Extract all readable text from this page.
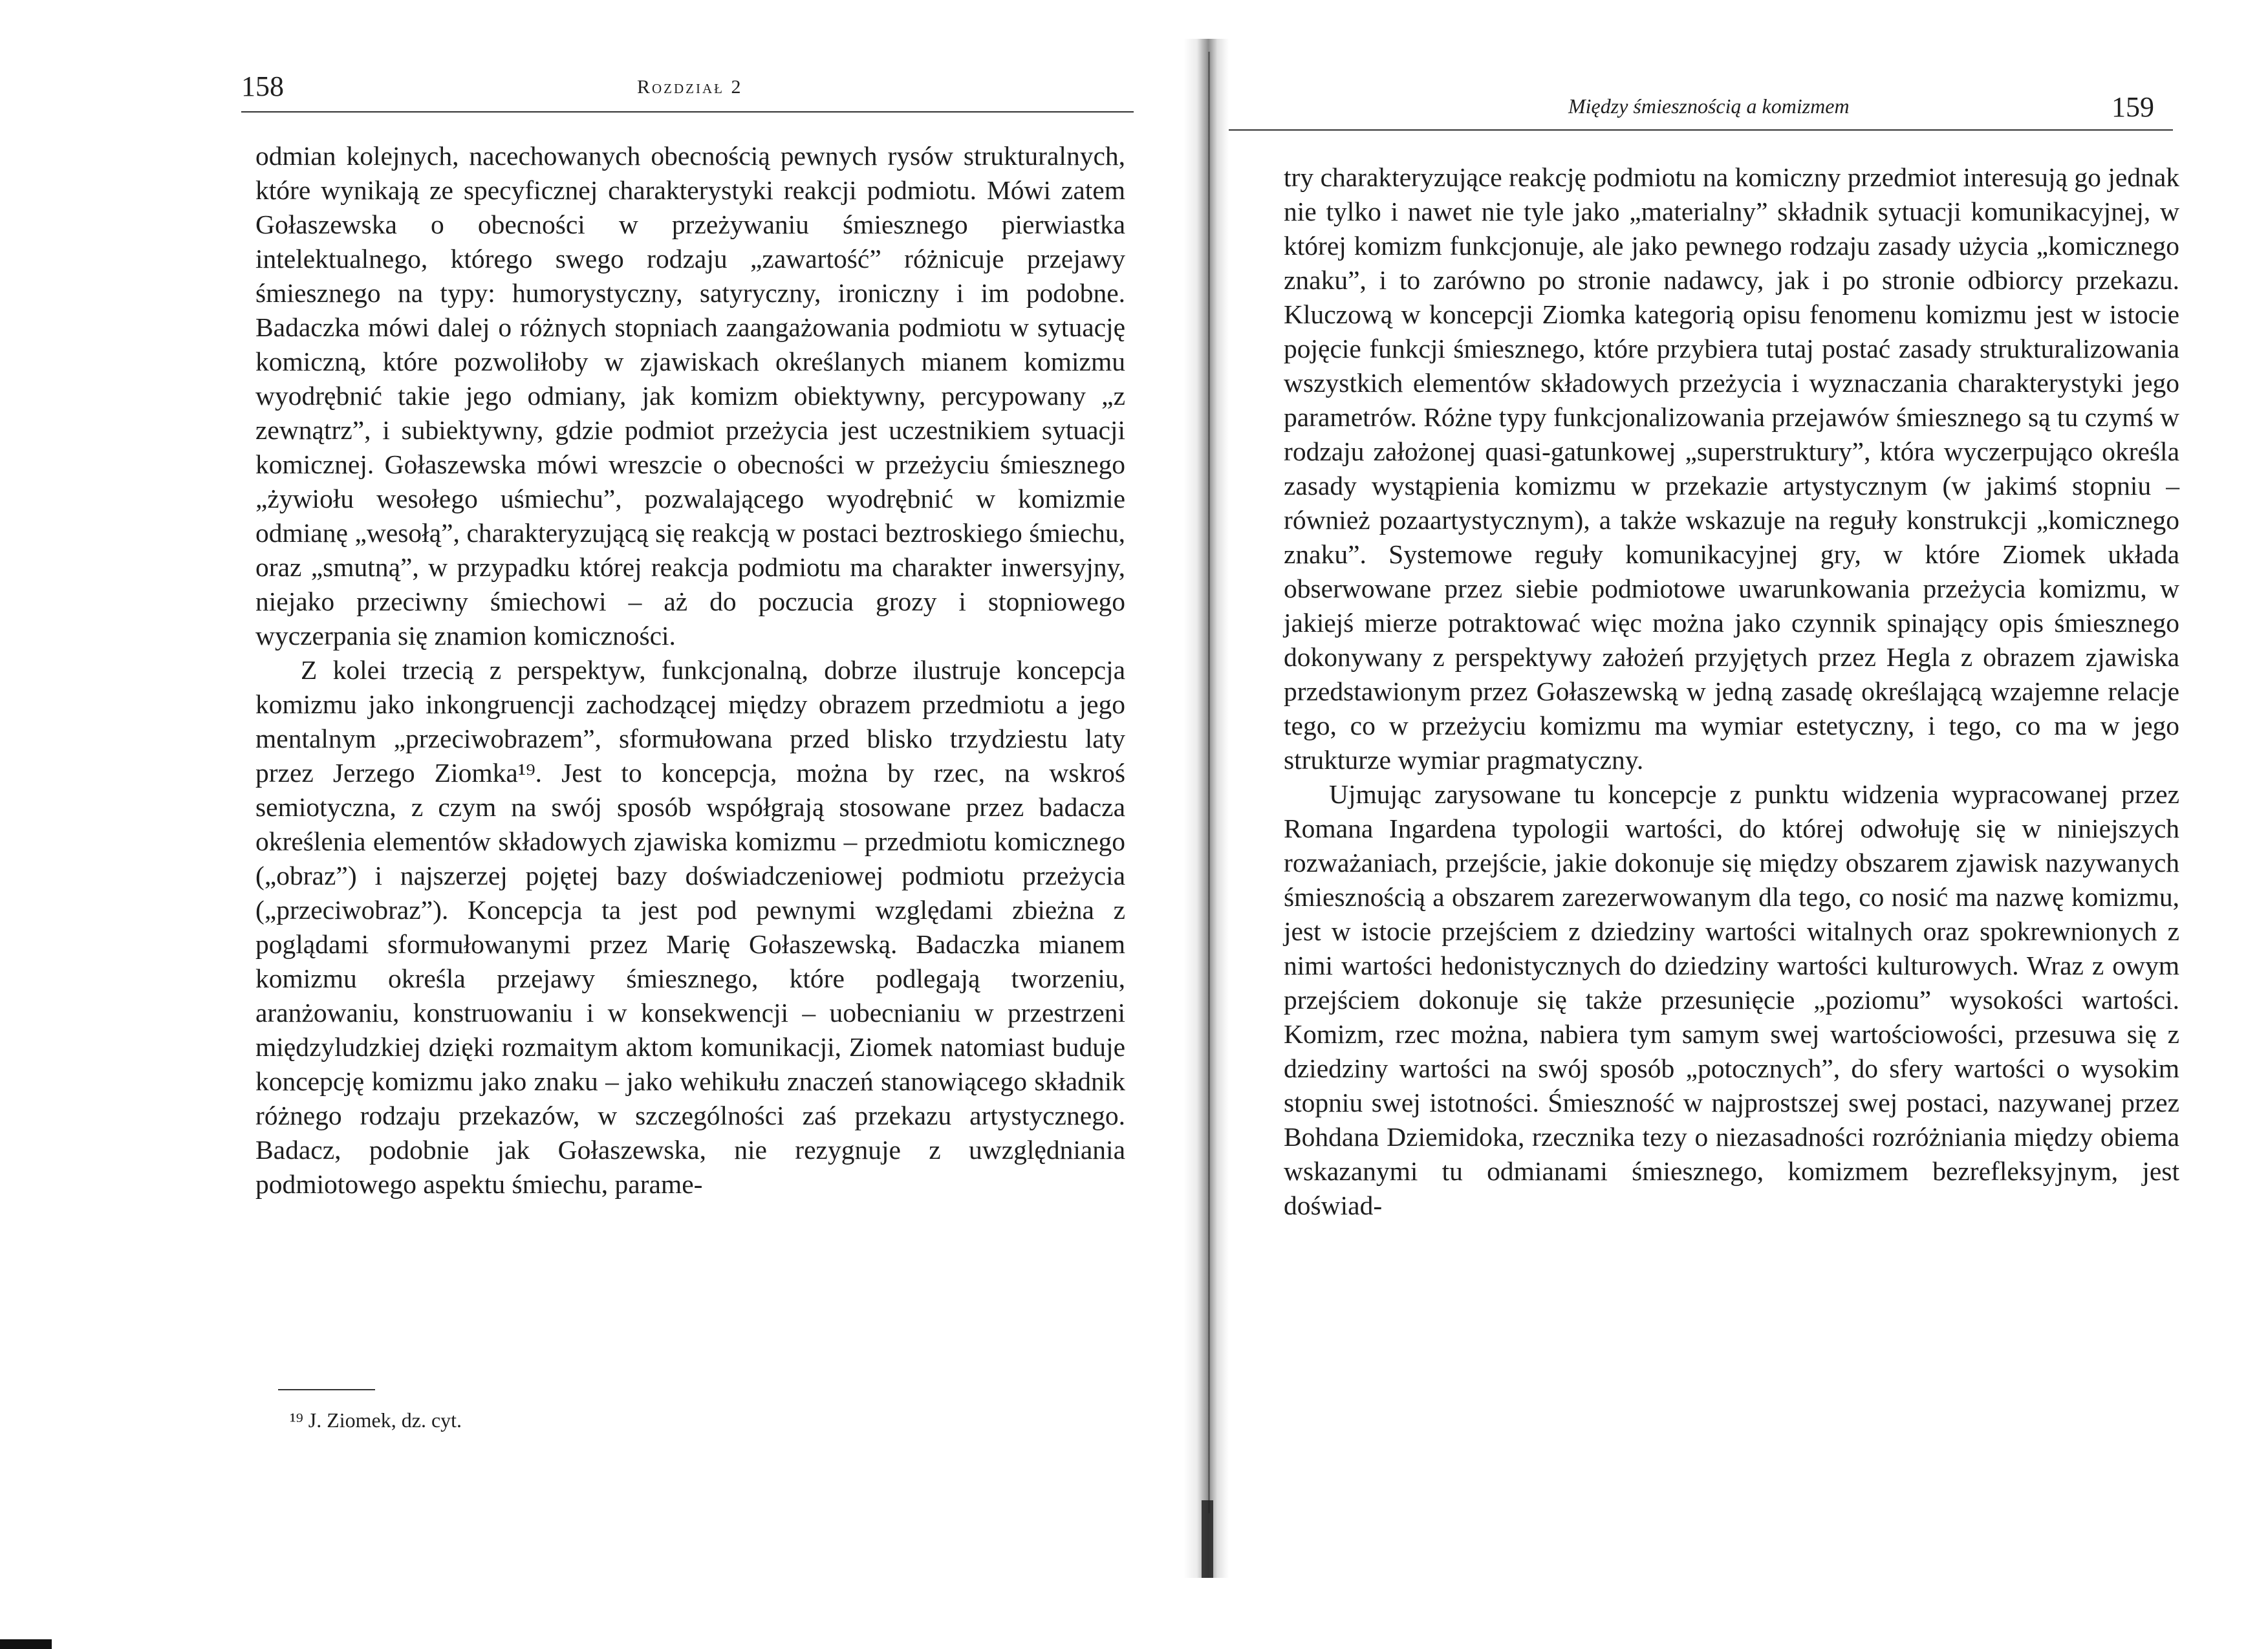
158	Rozdział 2

odmian kolejnych, nacechowanych obecnością pewnych rysów strukturalnych, które wynikają ze specyficznej charakterystyki reakcji podmiotu. Mówi zatem Gołaszewska o obecności w przeżywaniu śmiesznego pierwiastka intelektualnego, którego swego rodzaju „zawartość” różnicuje przejawy śmiesznego na typy: humorystyczny, satyryczny, ironiczny i im podobne. Badaczka mówi dalej o różnych stopniach zaangażowania podmiotu w sytuację komiczną, które pozwoliłoby w zjawiskach określanych mianem komizmu wyodrębnić takie jego odmiany, jak komizm obiektywny, percypowany „z zewnątrz”, i subiektywny, gdzie podmiot przeżycia jest uczestnikiem sytuacji komicznej. Gołaszewska mówi wreszcie o obecności w przeżyciu śmiesznego „żywiołu wesołego uśmiechu”, pozwalającego wyodrębnić w komizmie odmianę „wesołą”, charakteryzującą się reakcją w postaci beztroskiego śmiechu, oraz „smutną”, w przypadku której reakcja podmiotu ma charakter inwersyjny, niejako przeciwny śmiechowi – aż do poczucia grozy i stopniowego wyczerpania się znamion komiczności.

Z kolei trzecią z perspektyw, funkcjonalną, dobrze ilustruje koncepcja komizmu jako inkongruencji zachodzącej między obrazem przedmiotu a jego mentalnym „przeciwobrazem”, sformułowana przed blisko trzydziestu laty przez Jerzego Ziomka¹⁹. Jest to koncepcja, można by rzec, na wskroś semiotyczna, z czym na swój sposób współgrają stosowane przez badacza określenia elementów składowych zjawiska komizmu – przedmiotu komicznego („obraz”) i najszerzej pojętej bazy doświadczeniowej podmiotu przeżycia („przeciwobraz”). Koncepcja ta jest pod pewnymi względami zbieżna z poglądami sformułowanymi przez Marię Gołaszewską. Badaczka mianem komizmu określa przejawy śmiesznego, które podlegają tworzeniu, aranżowaniu, konstruowaniu i w konsekwencji – uobecnianiu w przestrzeni międzyludzkiej dzięki rozmaitym aktom komunikacji, Ziomek natomiast buduje koncepcję komizmu jako znaku – jako wehikułu znaczeń stanowiącego składnik różnego rodzaju przekazów, w szczególności zaś przekazu artystycznego. Badacz, podobnie jak Gołaszewska, nie rezygnuje z uwzględniania podmiotowego aspektu śmiechu, parame-

¹⁹ J. Ziomek, dz. cyt.
Między śmiesznością a komizmem	159

try charakteryzujące reakcję podmiotu na komiczny przedmiot interesują go jednak nie tylko i nawet nie tyle jako „materialny” składnik sytuacji komunikacyjnej, w której komizm funkcjonuje, ale jako pewnego rodzaju zasady użycia „komicznego znaku”, i to zarówno po stronie nadawcy, jak i po stronie odbiorcy przekazu. Kluczową w koncepcji Ziomka kategorią opisu fenomenu komizmu jest w istocie pojęcie funkcji śmiesznego, które przybiera tutaj postać zasady strukturalizowania wszystkich elementów składowych przeżycia i wyznaczania charakterystyki jego parametrów. Różne typy funkcjonalizowania przejawów śmiesznego są tu czymś w rodzaju założonej quasi-gatunkowej „superstruktury”, która wyczerpująco określa zasady wystąpienia komizmu w przekazie artystycznym (w jakimś stopniu – również pozaartystycznym), a także wskazuje na reguły konstrukcji „komicznego znaku”. Systemowe reguły komunikacyjnej gry, w które Ziomek układa obserwowane przez siebie podmiotowe uwarunkowania przeżycia komizmu, w jakiejś mierze potraktować więc można jako czynnik spinający opis śmiesznego dokonywany z perspektywy założeń przyjętych przez Hegla z obrazem zjawiska przedstawionym przez Gołaszewską w jedną zasadę określającą wzajemne relacje tego, co w przeżyciu komizmu ma wymiar estetyczny, i tego, co ma w jego strukturze wymiar pragmatyczny.

Ujmując zarysowane tu koncepcje z punktu widzenia wypracowanej przez Romana Ingardena typologii wartości, do której odwołuję się w niniejszych rozważaniach, przejście, jakie dokonuje się między obszarem zjawisk nazywanych śmiesznością a obszarem zarezerwowanym dla tego, co nosić ma nazwę komizmu, jest w istocie przejściem z dziedziny wartości witalnych oraz spokrewnionych z nimi wartości hedonistycznych do dziedziny wartości kulturowych. Wraz z owym przejściem dokonuje się także przesunięcie „poziomu” wysokości wartości. Komizm, rzec można, nabiera tym samym swej wartościowości, przesuwa się z dziedziny wartości na swój sposób „potocznych”, do sfery wartości o wysokim stopniu swej istotności. Śmieszność w najprostszej swej postaci, nazywanej przez Bohdana Dziemidoka, rzecznika tezy o niezasadności rozróżniania między obiema wskazanymi tu odmianami śmiesznego, komizmem bezrefleksyjnym, jest doświad-
